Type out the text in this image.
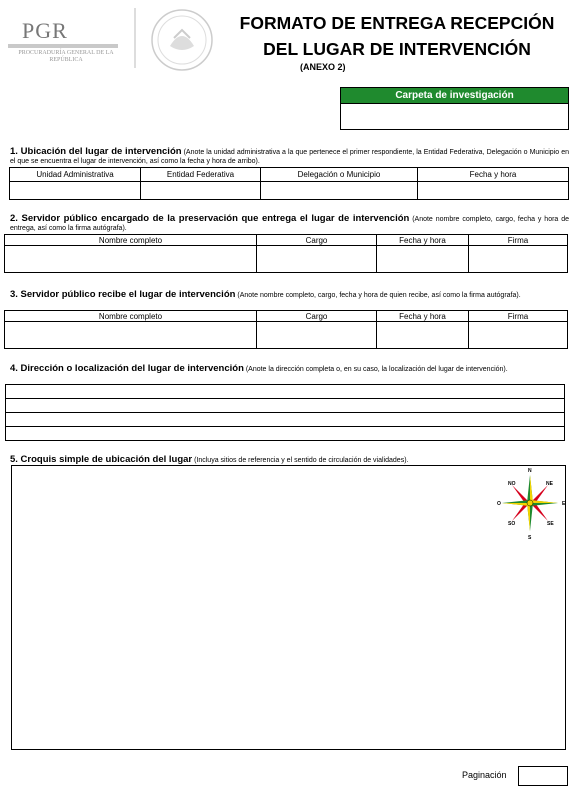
PGR
PROCURADURÍA GENERAL DE LA REPÚBLICA
FORMATO DE ENTREGA RECEPCIÓN
DEL LUGAR DE INTERVENCIÓN
(ANEXO 2)
Carpeta de investigación
1. Ubicación del lugar de intervención (Anote la unidad administrativa a la que pertenece el primer respondiente, la Entidad Federativa, Delegación o Municipio en el que se encuentra el lugar de intervención, así como la fecha y hora de arribo).
Unidad Administrativa	Entidad Federativa	Delegación o Municipio	Fecha y hora

2. Servidor público encargado de la preservación que entrega el lugar de intervención (Anote nombre completo, cargo, fecha y hora de entrega, así como la firma autógrafa).
Nombre completo	Cargo	Fecha y hora	Firma

3. Servidor público recibe el lugar de intervención (Anote nombre completo, cargo, fecha y hora de quien recibe, así como la firma autógrafa).
Nombre completo	Cargo	Fecha y hora	Firma

4. Dirección o localización del lugar de intervención (Anote la dirección completa o, en su caso, la localización del lugar de intervención).
5. Croquis simple de ubicación del lugar (Incluya sitios de referencia y el sentido de circulación de vialidades).
N
NE
E
SE
S
SO
O
NO
Paginación
